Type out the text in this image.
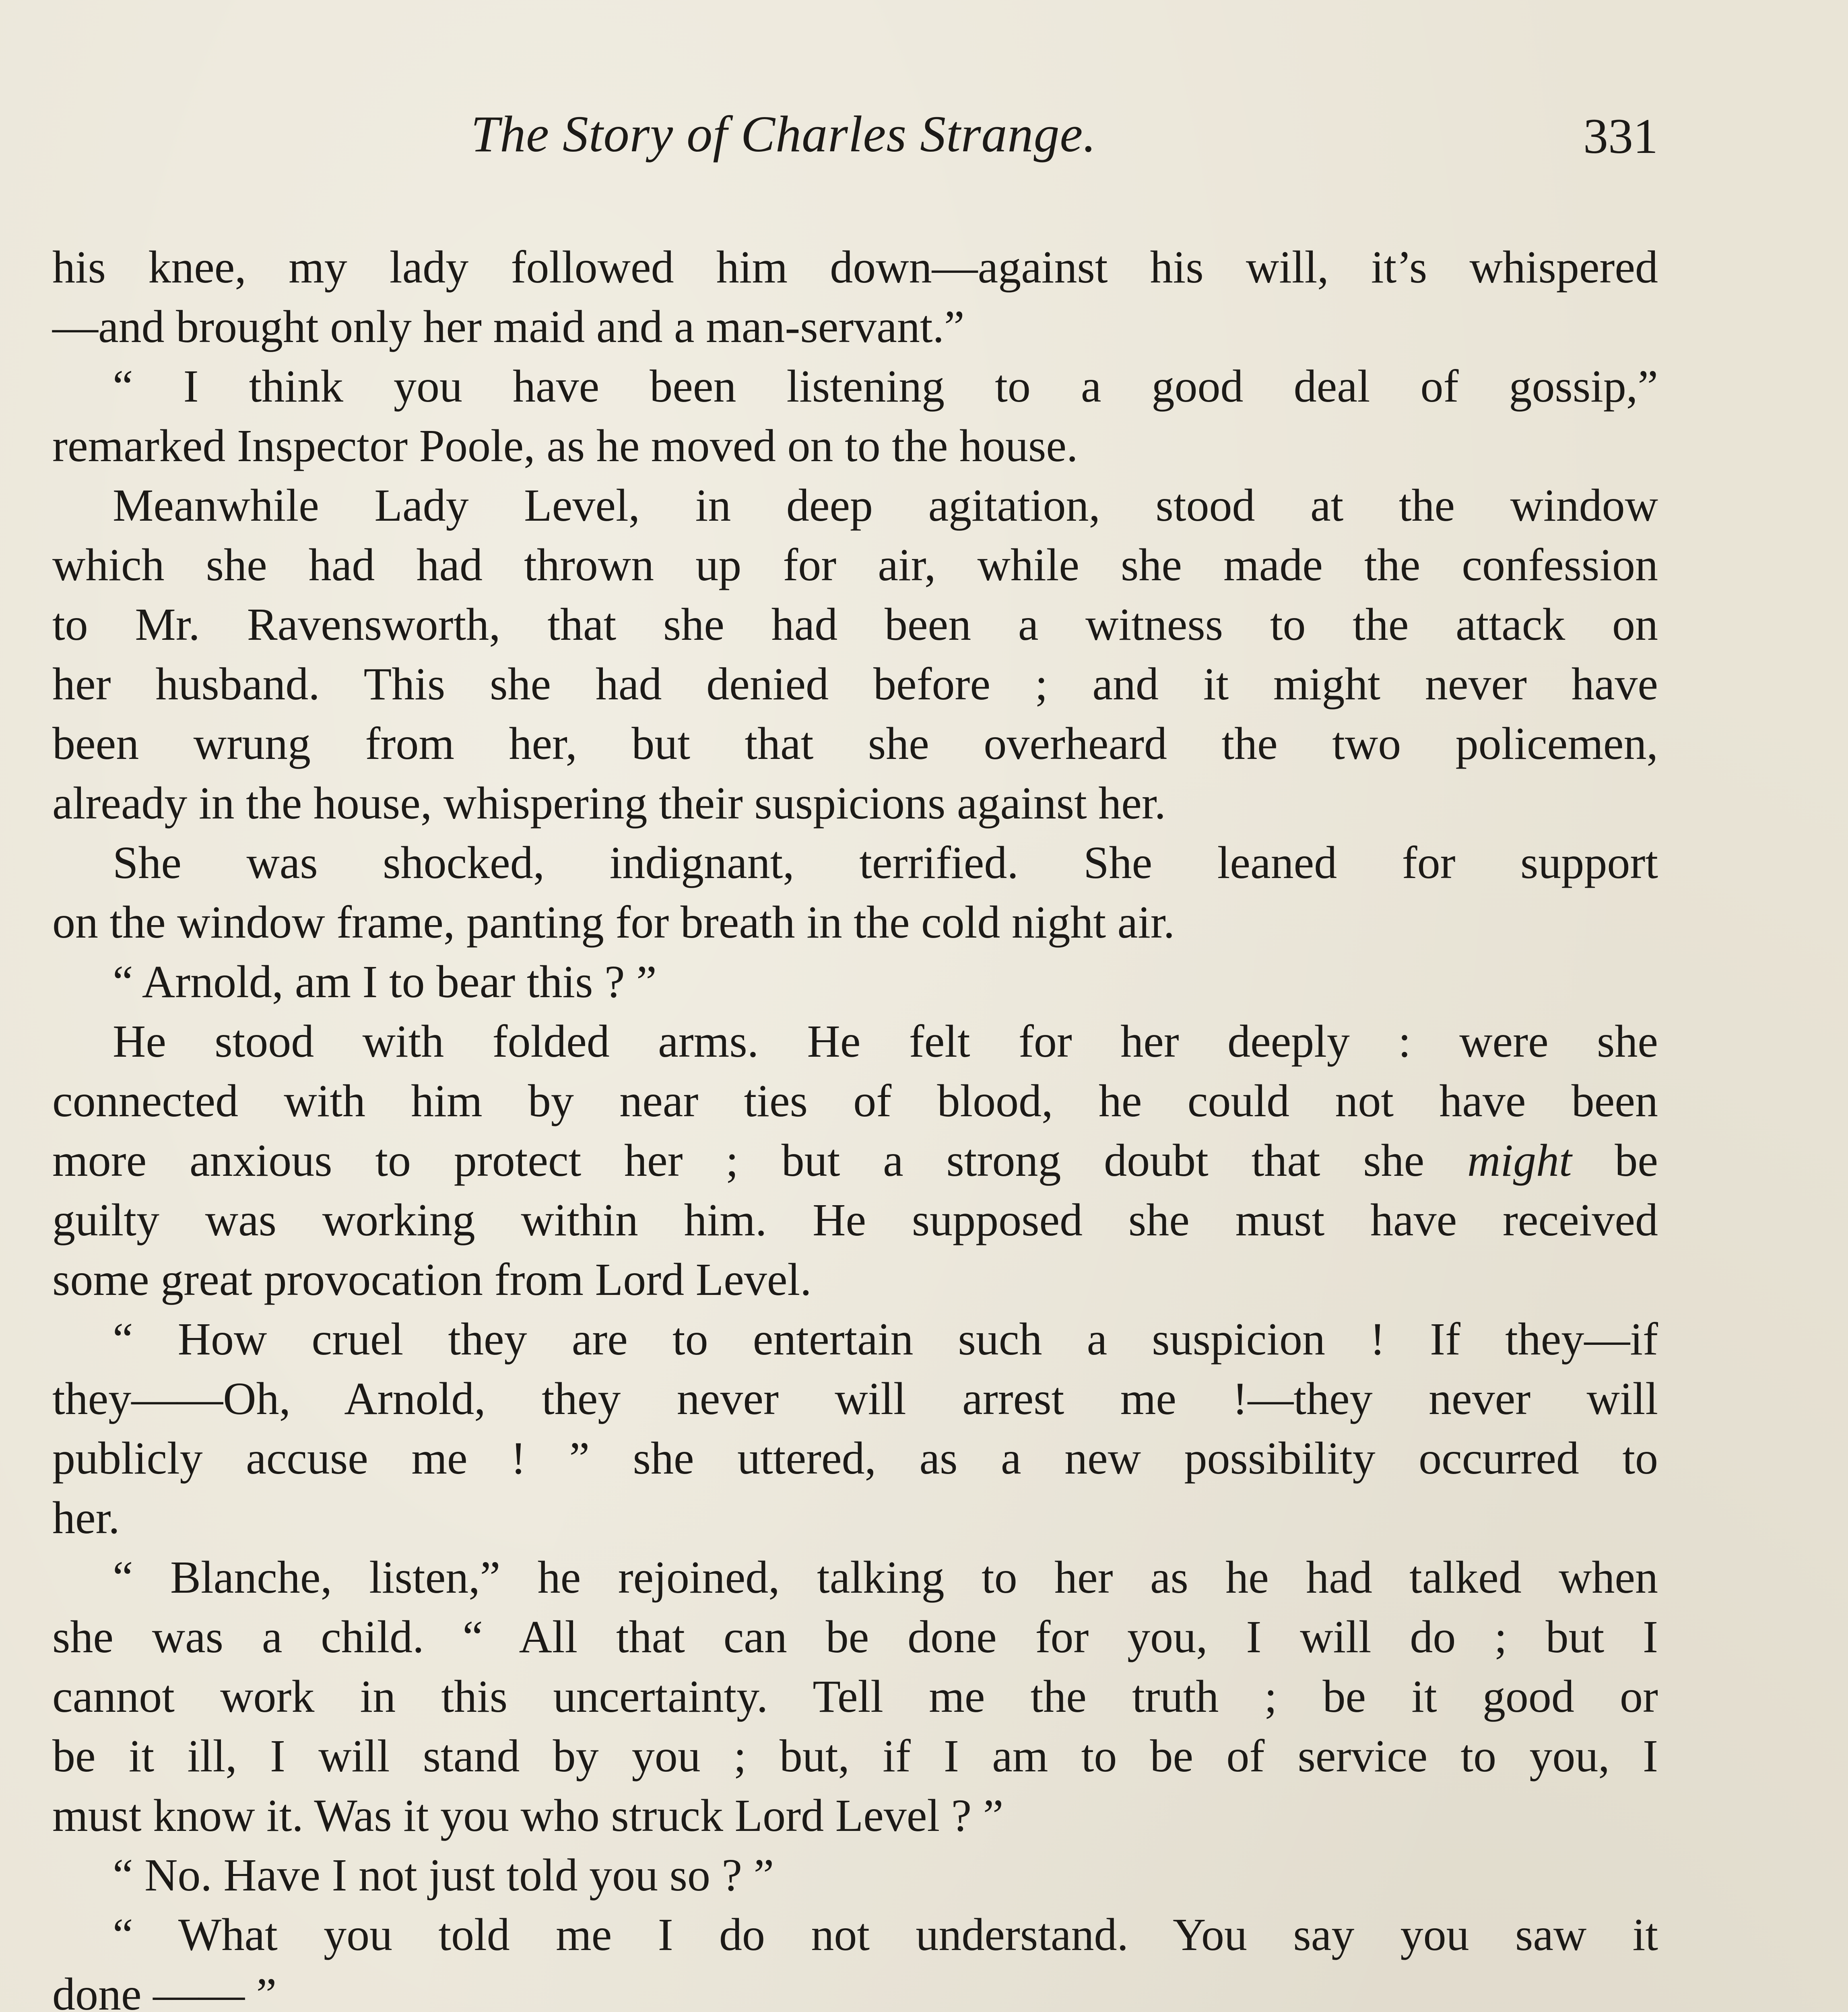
The Story of Charles Strange.	331
his knee, my lady followed him down—against his will, it’s whispered
—and brought only her maid and a man-servant.”
“ I think you have been listening to a good deal of gossip,”
remarked Inspector Poole, as he moved on to the house.
Meanwhile Lady Level, in deep agitation, stood at the window
which she had had thrown up for air, while she made the confession
to Mr. Ravensworth, that she had been a witness to the attack on
her husband. This she had denied before ; and it might never have
been wrung from her, but that she overheard the two policemen,
already in the house, whispering their suspicions against her.
She was shocked, indignant, terrified. She leaned for support
on the window frame, panting for breath in the cold night air.
“ Arnold, am I to bear this ? ”
He stood with folded arms. He felt for her deeply : were she
connected with him by near ties of blood, he could not have been
more anxious to protect her ; but a strong doubt that she might be
guilty was working within him. He supposed she must have received
some great provocation from Lord Level.
“ How cruel they are to entertain such a suspicion ! If they—if
they——Oh, Arnold, they never will arrest me !—they never will
publicly accuse me ! ” she uttered, as a new possibility occurred to
her.
“ Blanche, listen,” he rejoined, talking to her as he had talked when
she was a child. “ All that can be done for you, I will do ; but I
cannot work in this uncertainty. Tell me the truth ; be it good or
be it ill, I will stand by you ; but, if I am to be of service to you, I
must know it. Was it you who struck Lord Level ? ”
“ No. Have I not just told you so ? ”
“ What you told me I do not understand. You say you saw it
done —— ”
